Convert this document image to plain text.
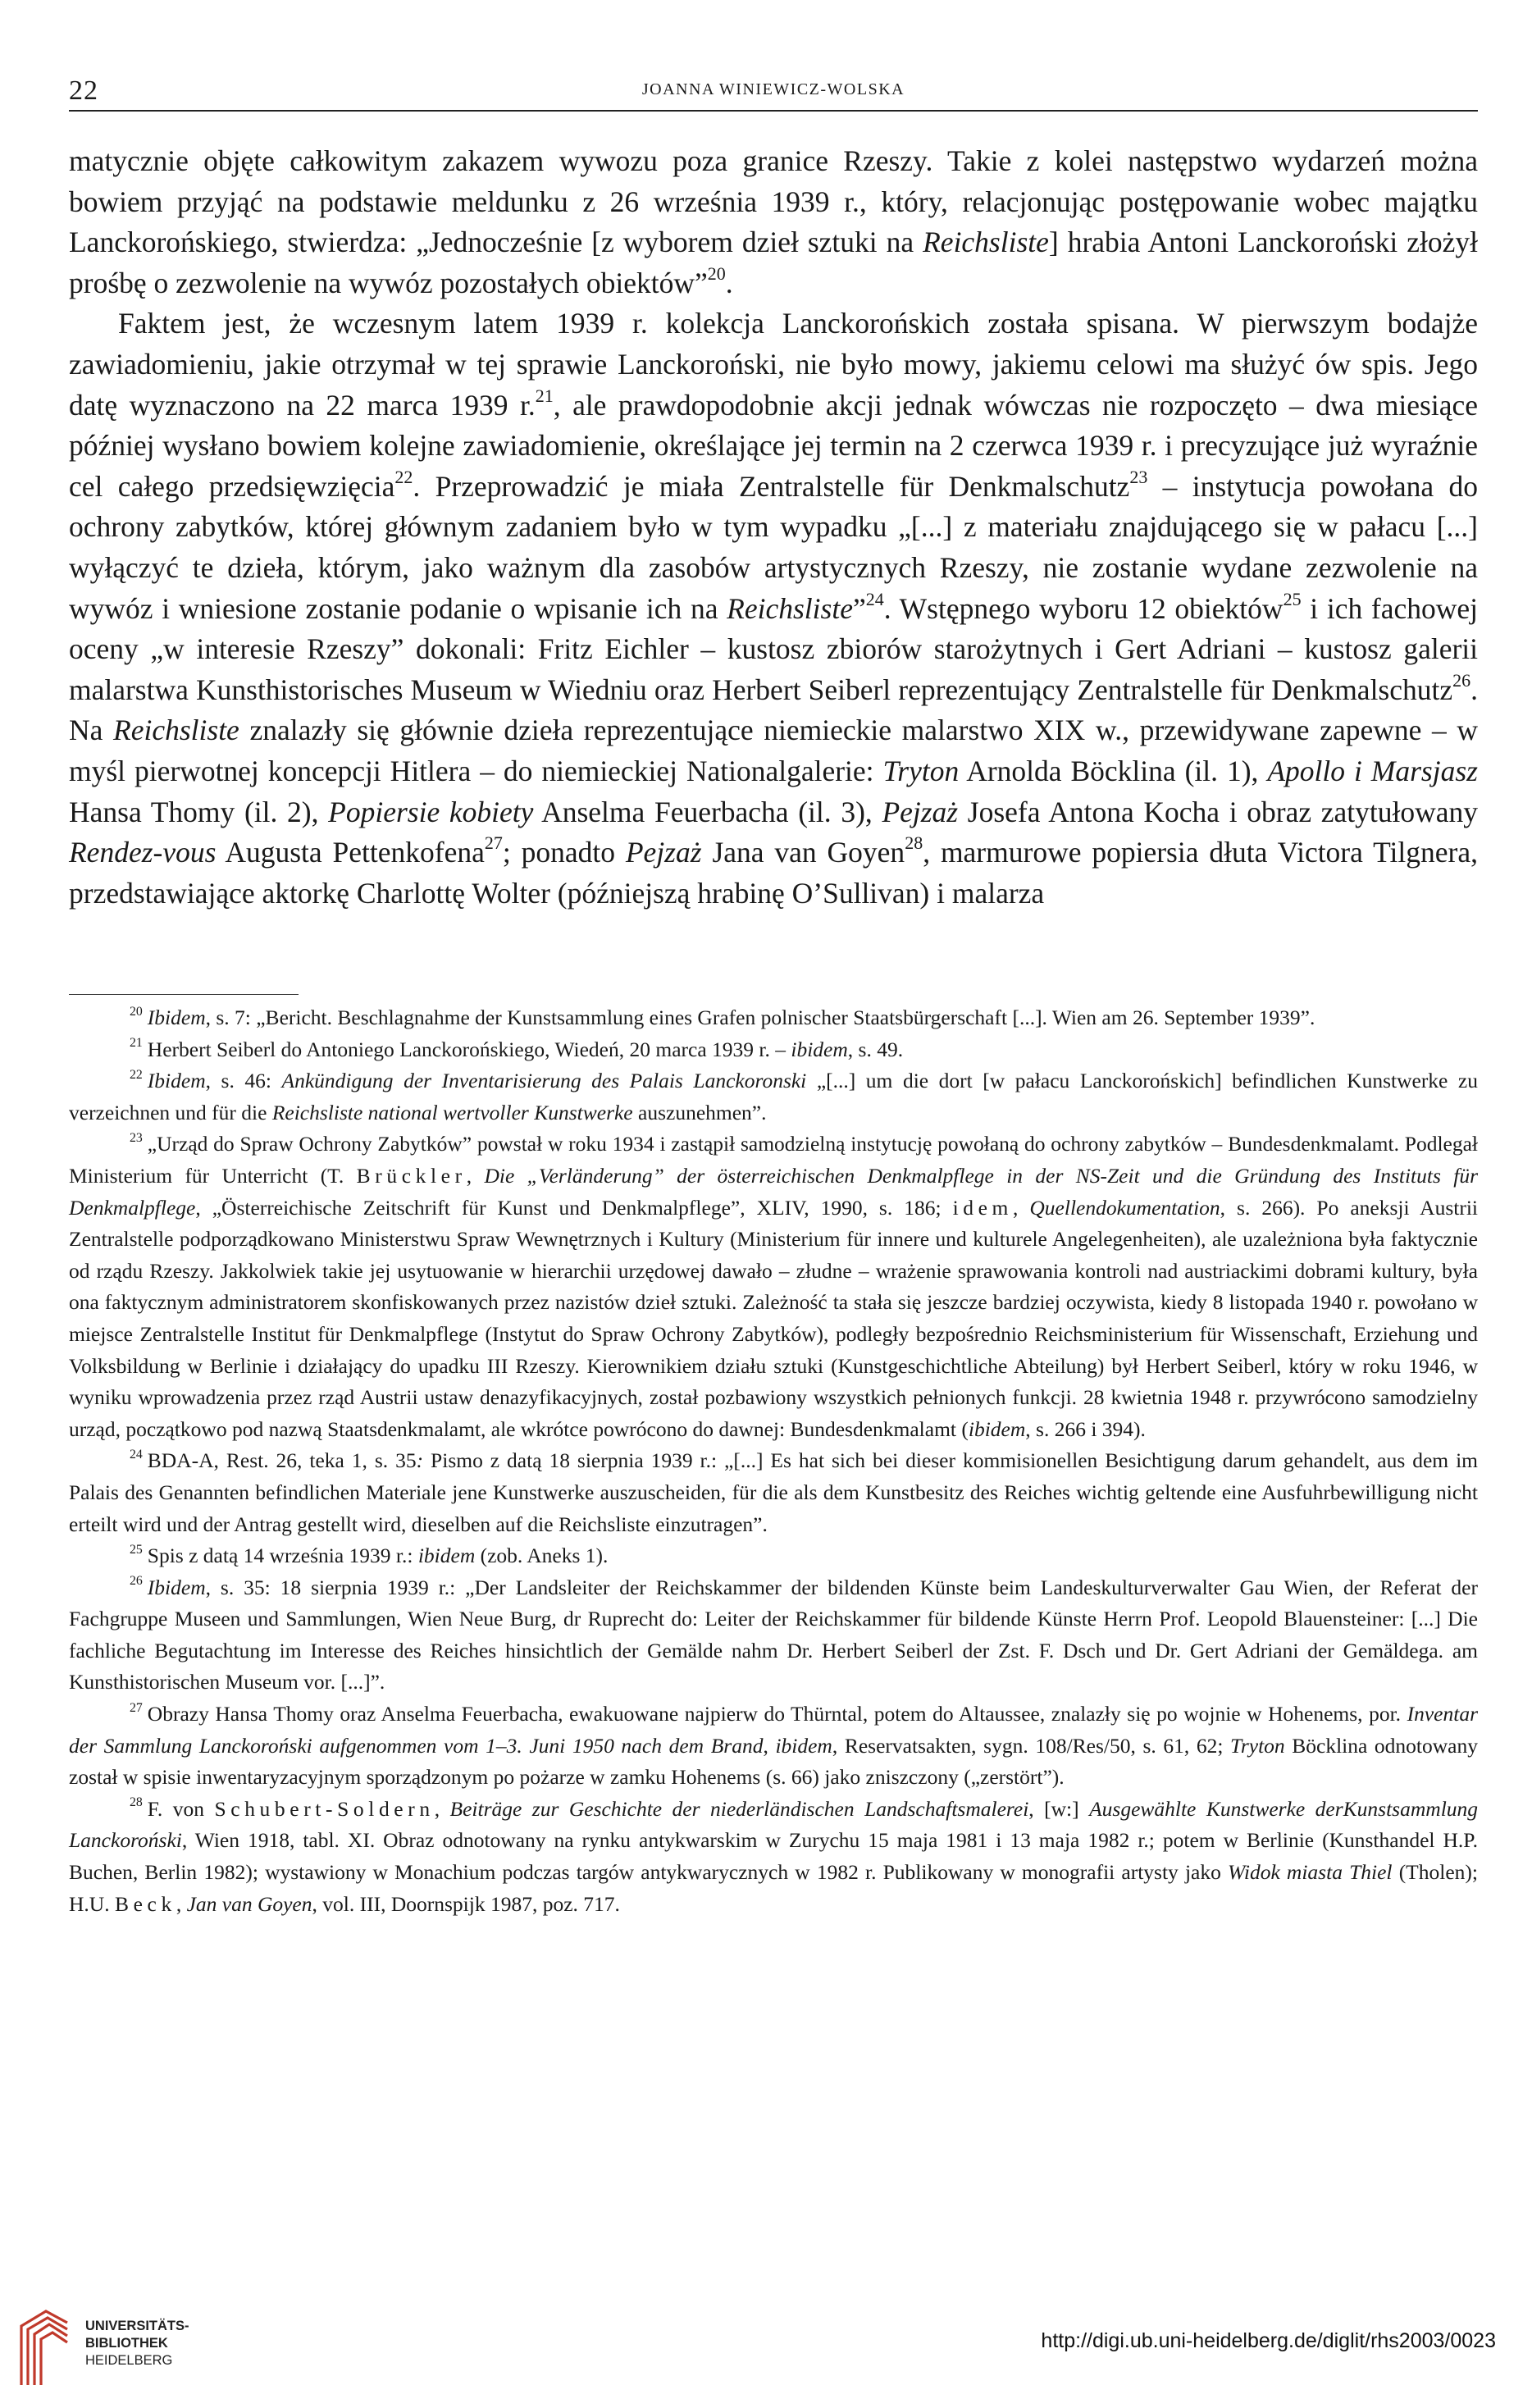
22	JOANNA WINIEWICZ-WOLSKA

matycznie objęte całkowitym zakazem wywozu poza granice Rzeszy. Takie z kolei następstwo wydarzeń można bowiem przyjąć na podstawie meldunku z 26 września 1939 r., który, relacjonując postępowanie wobec majątku Lanckorońskiego, stwierdza: „Jednocześnie [z wyborem dzieł sztuki na Reichsliste] hrabia Antoni Lanckoroński złożył prośbę o zezwolenie na wywóz pozostałych obiektów”$^{20}$.

Faktem jest, że wczesnym latem 1939 r. kolekcja Lanckorońskich została spisana. W pierwszym bodajże zawiadomieniu, jakie otrzymał w tej sprawie Lanckoroński, nie było mowy, jakiemu celowi ma służyć ów spis. Jego datę wyznaczono na 22 marca 1939 r.$^{21}$, ale prawdopodobnie akcji jednak wówczas nie rozpoczęto – dwa miesiące później wysłano bowiem kolejne zawiadomienie, określające jej termin na 2 czerwca 1939 r. i precyzujące już wyraźnie cel całego przedsięwzięcia$^{22}$. Przeprowadzić je miała Zentralstelle für Denkmalschutz$^{23}$ – instytucja powołana do ochrony zabytków, której głównym zadaniem było w tym wypadku „[...] z materiału znajdującego się w pałacu [...] wyłączyć te dzieła, którym, jako ważnym dla zasobów artystycznych Rzeszy, nie zostanie wydane zezwolenie na wywóz i wniesione zostanie podanie o wpisanie ich na Reichsliste”$^{24}$. Wstępnego wyboru 12 obiektów$^{25}$ i ich fachowej oceny „w interesie Rzeszy” dokonali: Fritz Eichler – kustosz zbiorów starożytnych i Gert Adriani – kustosz galerii malarstwa Kunsthistorisches Museum w Wiedniu oraz Herbert Seiberl reprezentujący Zentralstelle für Denkmalschutz$^{26}$. Na Reichsliste znalazły się głównie dzieła reprezentujące niemieckie malarstwo XIX w., przewidywane zapewne – w myśl pierwotnej koncepcji Hitlera – do niemieckiej Nationalgalerie: Tryton Arnolda Böcklina (il. 1), Apollo i Marsjasz Hansa Thomy (il. 2), Popiersie kobiety Anselma Feuerbacha (il. 3), Pejzaż Josefa Antona Kocha i obraz zatytułowany Rendez-vous Augusta Pettenkofena$^{27}$; ponadto Pejzaż Jana van Goyen$^{28}$, marmurowe popiersia dłuta Victora Tilgnera, przedstawiające aktorkę Charlottę Wolter (późniejszą hrabinę O’Sullivan) i malarza

$^{20}$ Ibidem, s. 7: „Bericht. Beschlagnahme der Kunstsammlung eines Grafen polnischer Staatsbürgerschaft [...]. Wien am 26. September 1939”.

$^{21}$ Herbert Seiberl do Antoniego Lanckorońskiego, Wiedeń, 20 marca 1939 r. – ibidem, s. 49.

$^{22}$ Ibidem, s. 46: Ankündigung der Inventarisierung des Palais Lanckoronski „[...] um die dort [w pałacu Lanckorońskich] befindlichen Kunstwerke zu verzeichnen und für die Reichsliste national wertvoller Kunstwerke auszunehmen”.

$^{23}$ „Urząd do Spraw Ochrony Zabytków” powstał w roku 1934 i zastąpił samodzielną instytucję powołaną do ochrony zabytków – Bundesdenkmalamt. Podlegał Ministerium für Unterricht (T. Brückler, Die „Verländerung” der österreichischen Denkmalpflege in der NS-Zeit und die Gründung des Instituts für Denkmalpflege, „Österreichische Zeitschrift für Kunst und Denkmalpflege”, XLIV, 1990, s. 186; idem, Quellendokumentation, s. 266). Po aneksji Austrii Zentralstelle podporządkowano Ministerstwu Spraw Wewnętrznych i Kultury (Ministerium für innere und kulturele Angelegenheiten), ale uzależniona była faktycznie od rządu Rzeszy. Jakkolwiek takie jej usytuowanie w hierarchii urzędowej dawało – złudne – wrażenie sprawowania kontroli nad austriackimi dobrami kultury, była ona faktycznym administratorem skonfiskowanych przez nazistów dzieł sztuki. Zależność ta stała się jeszcze bardziej oczywista, kiedy 8 listopada 1940 r. powołano w miejsce Zentralstelle Institut für Denkmalpflege (Instytut do Spraw Ochrony Zabytków), podległy bezpośrednio Reichsministerium für Wissenschaft, Erziehung und Volksbildung w Berlinie i działający do upadku III Rzeszy. Kierownikiem działu sztuki (Kunstgeschichtliche Abteilung) był Herbert Seiberl, który w roku 1946, w wyniku wprowadzenia przez rząd Austrii ustaw denazyfikacyjnych, został pozbawiony wszystkich pełnionych funkcji. 28 kwietnia 1948 r. przywrócono samodzielny urząd, początkowo pod nazwą Staatsdenkmalamt, ale wkrótce powrócono do dawnej: Bundesdenkmalamt (ibidem, s. 266 i 394).

$^{24}$ BDA-A, Rest. 26, teka 1, s. 35: Pismo z datą 18 sierpnia 1939 r.: „[...] Es hat sich bei dieser kommisionellen Besichtigung darum gehandelt, aus dem im Palais des Genannten befindlichen Materiale jene Kunstwerke auszuscheiden, für die als dem Kunstbesitz des Reiches wichtig geltende eine Ausfuhrbewilligung nicht erteilt wird und der Antrag gestellt wird, dieselben auf die Reichsliste einzutragen”.

$^{25}$ Spis z datą 14 września 1939 r.: ibidem (zob. Aneks 1).

$^{26}$ Ibidem, s. 35: 18 sierpnia 1939 r.: „Der Landsleiter der Reichskammer der bildenden Künste beim Landeskulturverwalter Gau Wien, der Referat der Fachgruppe Museen und Sammlungen, Wien Neue Burg, dr Ruprecht do: Leiter der Reichskammer für bildende Künste Herrn Prof. Leopold Blauensteiner: [...] Die fachliche Begutachtung im Interesse des Reiches hinsichtlich der Gemälde nahm Dr. Herbert Seiberl der Zst. F. Dsch und Dr. Gert Adriani der Gemäldega. am Kunsthistorischen Museum vor. [...]”.

$^{27}$ Obrazy Hansa Thomy oraz Anselma Feuerbacha, ewakuowane najpierw do Thürntal, potem do Altaussee, znalazły się po wojnie w Hohenems, por. Inventar der Sammlung Lanckoroński aufgenommen vom 1–3. Juni 1950 nach dem Brand, ibidem, Reservatsakten, sygn. 108/Res/50, s. 61, 62; Tryton Böcklina odnotowany został w spisie inwentaryzacyjnym sporządzonym po pożarze w zamku Hohenems (s. 66) jako zniszczony („zerstört”).

$^{28}$ F. von Schubert-Soldern, Beiträge zur Geschichte der niederländischen Landschaftsmalerei, [w:] Ausgewählte Kunstwerke derKunstsammlung Lanckoroński, Wien 1918, tabl. XI. Obraz odnotowany na rynku antykwarskim w Zurychu 15 maja 1981 i 13 maja 1982 r.; potem w Berlinie (Kunsthandel H.P. Buchen, Berlin 1982); wystawiony w Monachium podczas targów antykwarycznych w 1982 r. Publikowany w monografii artysty jako Widok miasta Thiel (Tholen); H.U. Beck, Jan van Goyen, vol. III, Doornspijk 1987, poz. 717.

UNIVERSITÄTS-
BIBLIOTHEK
HEIDELBERG
http://digi.ub.uni-heidelberg.de/diglit/rhs2003/0023
